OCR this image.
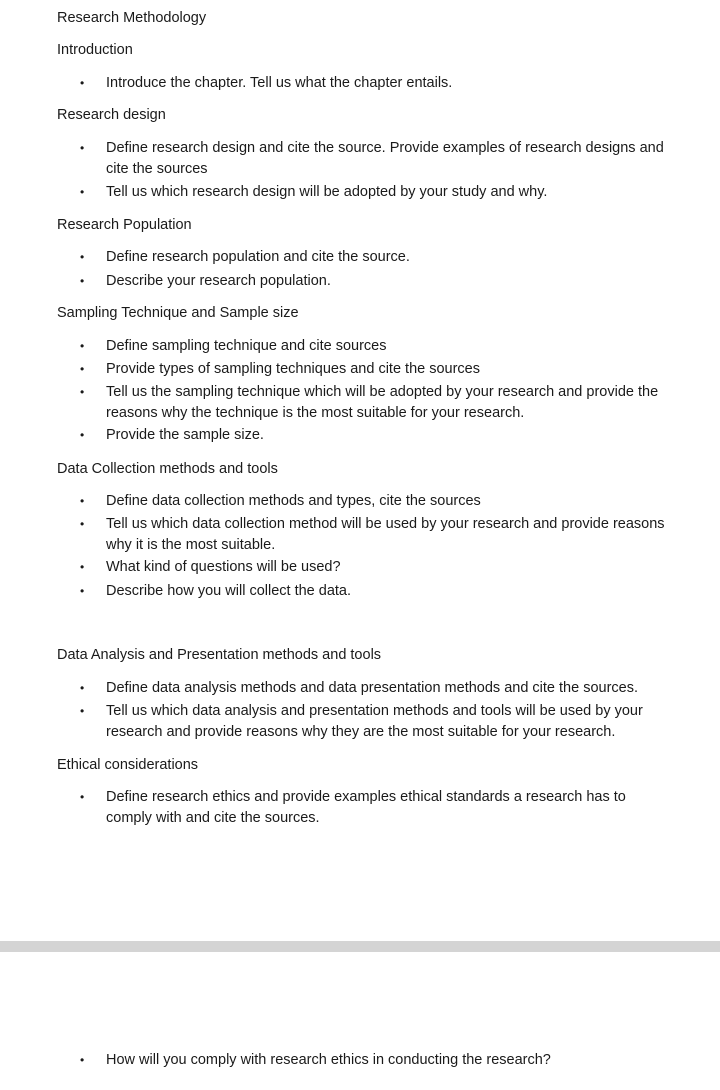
Research Methodology
Introduction
•	Introduce the chapter. Tell us what the chapter entails.
Research design
•	Define research design and cite the source. Provide examples of research designs and cite the sources
•	Tell us which research design will be adopted by your study and why.
Research Population
•	Define research population and cite the source.
•	Describe your research population.
Sampling Technique and Sample size
•	Define sampling technique and cite sources
•	Provide types of sampling techniques and cite the sources
•	Tell us the sampling technique which will be adopted by your research and provide the reasons why the technique is the most suitable for your research.
•	Provide the sample size.
Data Collection methods and tools
•	Define data collection methods and types, cite the sources
•	Tell us which data collection method will be used by your research and provide reasons why it is the most suitable.
•	What kind of questions will be used?
•	Describe how you will collect the data.
Data Analysis and Presentation methods and tools
•	Define data analysis methods and data presentation methods and cite the sources.
•	Tell us which data analysis and presentation methods and tools will be used by your research and provide reasons why they are the most suitable for your research.
Ethical considerations
•	Define research ethics and provide examples ethical standards a research has to comply with and cite the sources.
•	How will you comply with research ethics in conducting the research?
